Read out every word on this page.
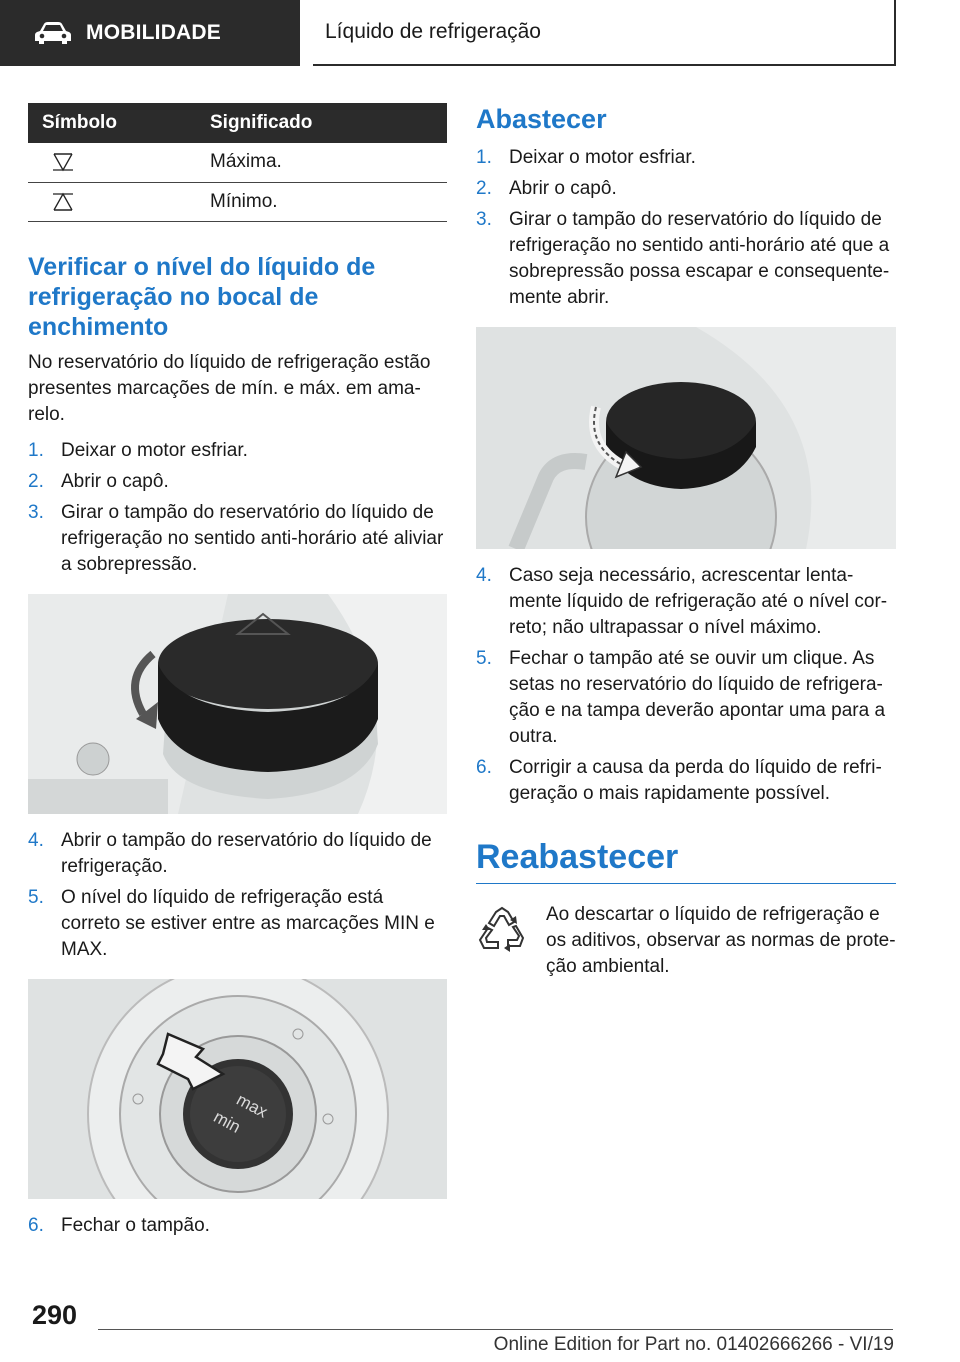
MOBILIDADE	Líquido de refrigeração
Símbolo	Significado

	Máxima.

	Mínimo.
Verificar o nível do líquido de refrigeração no bocal de enchimento

No reservatório do líquido de refrigeração estão presentes marcações de mín. e máx. em ama-relo.

1. Deixar o motor esfriar.
2. Abrir o capô.
3. Girar o tampão do reservatório do líquido de refrigeração no sentido anti-horário até aliviar a sobrepressão.
4. Abrir o tampão do reservatório do líquido de refrigeração.
5. O nível do líquido de refrigeração está correto se estiver entre as marcações MIN e MAX.
max
min
6. Fechar o tampão.
Abastecer
1. Deixar o motor esfriar.
2. Abrir o capô.
3. Girar o tampão do reservatório do líquido de refrigeração no sentido anti-horário até que a sobrepressão possa escapar e consequente-mente abrir.
4. Caso seja necessário, acrescentar lenta-mente líquido de refrigeração até o nível cor-reto; não ultrapassar o nível máximo.
5. Fechar o tampão até se ouvir um clique. As setas no reservatório do líquido de refrigera-ção e na tampa deverão apontar uma para a outra.
6. Corrigir a causa da perda do líquido de refri-geração o mais rapidamente possível.
Reabastecer

Ao descartar o líquido de refrigeração e os aditivos, observar as normas de prote-ção ambiental.

290
Online Edition for Part no. 01402666266 - VI/19
